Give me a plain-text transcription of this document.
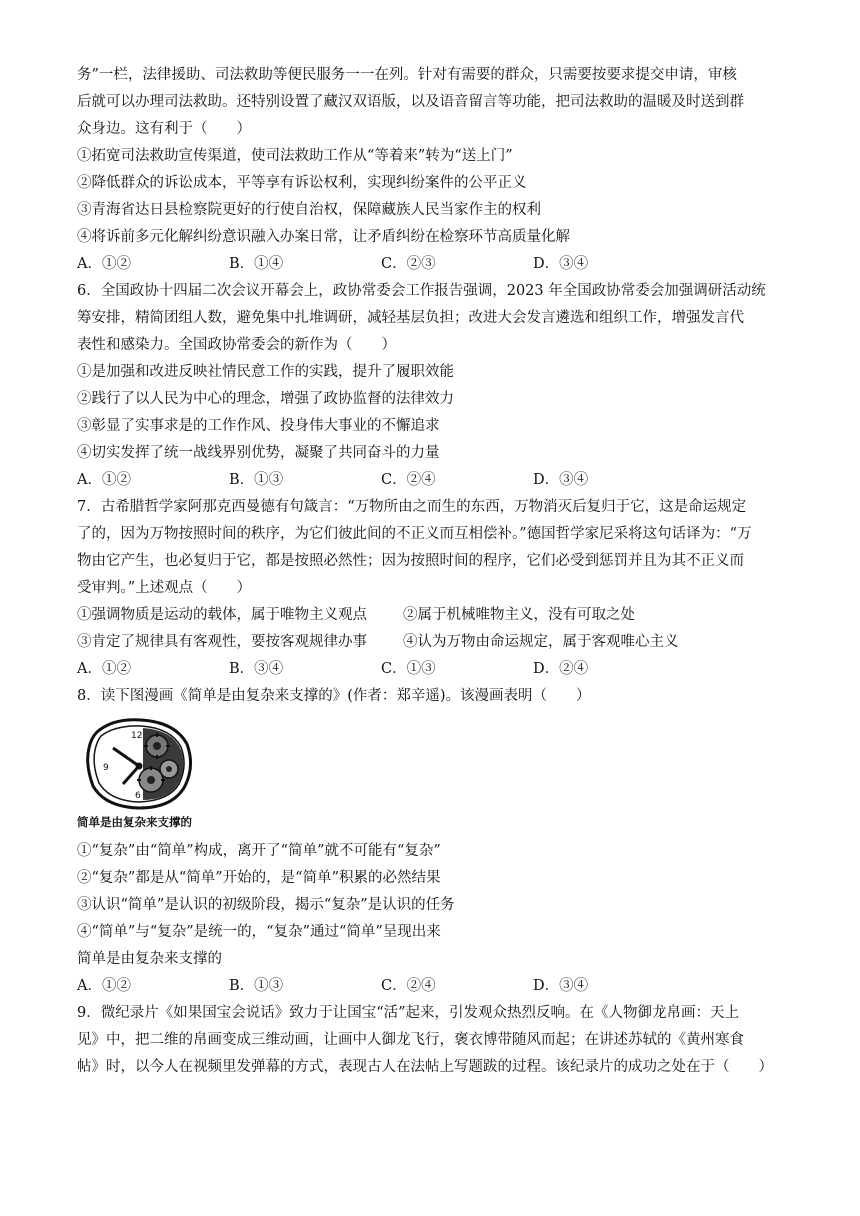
务”一栏，法律援助、司法救助等便民服务一一在列。针对有需要的群众，只需要按要求提交申请，审核
后就可以办理司法救助。还特别设置了藏汉双语版，以及语音留言等功能，把司法救助的温暖及时送到群
众身边。这有利于（　　）
①拓宽司法救助宣传渠道，使司法救助工作从“等着来”转为“送上门”
②降低群众的诉讼成本，平等享有诉讼权利，实现纠纷案件的公平正义
③青海省达日县检察院更好的行使自治权，保障藏族人民当家作主的权利
④将诉前多元化解纠纷意识融入办案日常，让矛盾纠纷在检察环节高质量化解
A．①②	B．①④	C．②③	D．③④
6．全国政协十四届二次会议开幕会上，政协常委会工作报告强调，2023 年全国政协常委会加强调研活动统
筹安排，精简团组人数，避免集中扎堆调研，减轻基层负担；改进大会发言遴选和组织工作，增强发言代
表性和感染力。全国政协常委会的新作为（　　）
①是加强和改进反映社情民意工作的实践，提升了履职效能
②践行了以人民为中心的理念，增强了政协监督的法律效力
③彰显了实事求是的工作作风、投身伟大事业的不懈追求
④切实发挥了统一战线界别优势，凝聚了共同奋斗的力量
A．①②	B．①③	C．②④	D．③④
7．古希腊哲学家阿那克西曼德有句箴言：“万物所由之而生的东西，万物消灭后复归于它，这是命运规定
了的，因为万物按照时间的秩序，为它们彼此间的不正义而互相偿补。”德国哲学家尼采将这句话译为：“万
物由它产生，也必复归于它，都是按照必然性；因为按照时间的程序，它们必受到惩罚并且为其不正义而
受审判。”上述观点（　　）
①强调物质是运动的载体，属于唯物主义观点 ②属于机械唯物主义，没有可取之处
③肯定了规律具有客观性，要按客观规律办事 ④认为万物由命运规定，属于客观唯心主义
A．①②	B．③④	C．①③	D．②④
8．读下图漫画《简单是由复杂来支撑的》(作者：郑辛遥)。该漫画表明（　　）
12
9
6
简单是由复杂来支撑的
①“复杂”由“简单”构成，离开了“简单”就不可能有“复杂”
②“复杂”都是从“简单”开始的，是“简单”积累的必然结果
③认识“简单”是认识的初级阶段，揭示“复杂”是认识的任务
④“简单”与“复杂”是统一的，“复杂”通过“简单”呈现出来
简单是由复杂来支撑的
A．①②	B．①③	C．②④	D．③④
9．微纪录片《如果国宝会说话》致力于让国宝“活”起来，引发观众热烈反响。在《人物御龙帛画：天上
见》中，把二维的帛画变成三维动画，让画中人御龙飞行，褒衣博带随风而起；在讲述苏轼的《黄州寒食
帖》时，以今人在视频里发弹幕的方式，表现古人在法帖上写题跋的过程。该纪录片的成功之处在于（　　）
